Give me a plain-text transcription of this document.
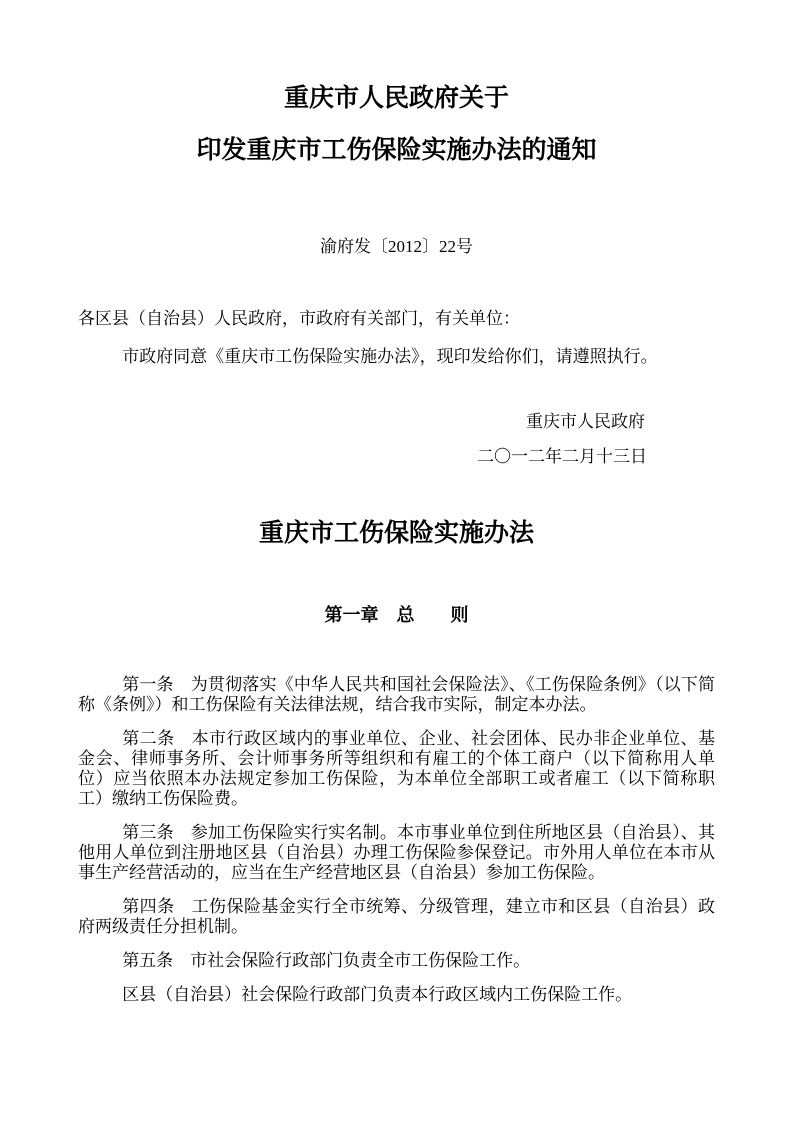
重庆市人民政府关于
印发重庆市工伤保险实施办法的通知
渝府发〔2012〕22号
各区县（自治县）人民政府，市政府有关部门，有关单位：

市政府同意《重庆市工伤保险实施办法》，现印发给你们，请遵照执行。

重庆市人民政府
二〇一二年二月十三日
重庆市工伤保险实施办法
第一章　总　　则

第一条 为贯彻落实《中华人民共和国社会保险法》、《工伤保险条例》（以下简称《条例》）和工伤保险有关法律法规，结合我市实际，制定本办法。

第二条 本市行政区域内的事业单位、企业、社会团体、民办非企业单位、基金会、律师事务所、会计师事务所等组织和有雇工的个体工商户（以下简称用人单位）应当依照本办法规定参加工伤保险，为本单位全部职工或者雇工（以下简称职工）缴纳工伤保险费。

第三条 参加工伤保险实行实名制。本市事业单位到住所地区县（自治县）、其他用人单位到注册地区县（自治县）办理工伤保险参保登记。市外用人单位在本市从事生产经营活动的，应当在生产经营地区县（自治县）参加工伤保险。

第四条 工伤保险基金实行全市统筹、分级管理，建立市和区县（自治县）政府两级责任分担机制。

第五条 市社会保险行政部门负责全市工伤保险工作。

区县（自治县）社会保险行政部门负责本行政区域内工伤保险工作。
